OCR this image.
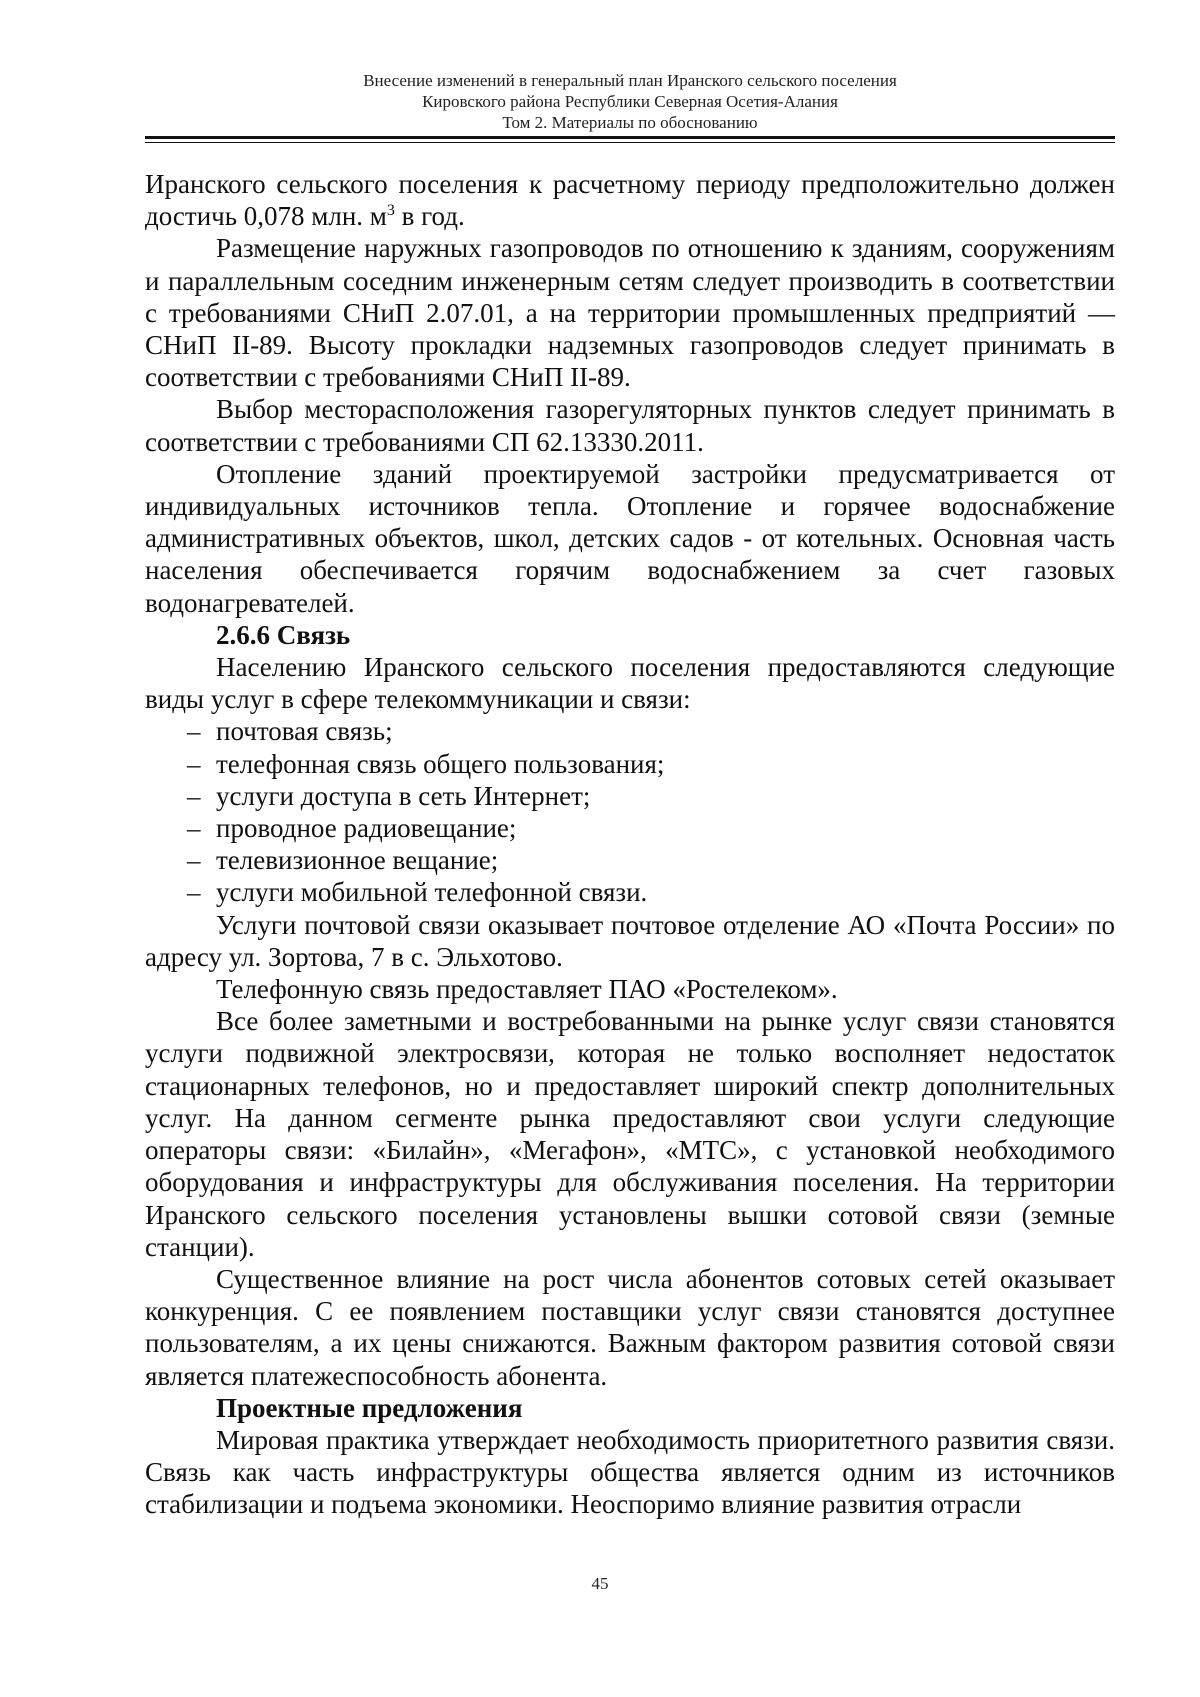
Внесение изменений в генеральный план Иранского сельского поселения
Кировского района Республики Северная Осетия-Алания
Том 2. Материалы по обоснованию

Иранского сельского поселения к расчетному периоду предположительно должен достичь 0,078 млн. $м^3$ в год.

Размещение наружных газопроводов по отношению к зданиям, сооружениям и параллельным соседним инженерным сетям следует производить в соответствии с требованиями СНиП 2.07.01, а на территории промышленных предприятий — СНиП II-89. Высоту прокладки надземных газопроводов следует принимать в соответствии с требованиями СНиП II-89.

Выбор месторасположения газорегуляторных пунктов следует принимать в соответствии с требованиями СП 62.13330.2011.

Отопление зданий проектируемой застройки предусматривается от индивидуальных источников тепла. Отопление и горячее водоснабжение административных объектов, школ, детских садов - от котельных. Основная часть населения обеспечивается горячим водоснабжением за счет газовых водонагревателей.

2.6.6 Связь

Населению Иранского сельского поселения предоставляются следующие виды услуг в сфере телекоммуникации и связи:

– почтовая связь;

– телефонная связь общего пользования;

– услуги доступа в сеть Интернет;

– проводное радиовещание;

– телевизионное вещание;

– услуги мобильной телефонной связи.

Услуги почтовой связи оказывает почтовое отделение АО «Почта России» по адресу ул. Зортова, 7 в с. Эльхотово.

Телефонную связь предоставляет ПАО «Ростелеком».

Все более заметными и востребованными на рынке услуг связи становятся услуги подвижной электросвязи, которая не только восполняет недостаток стационарных телефонов, но и предоставляет широкий спектр дополнительных услуг. На данном сегменте рынка предоставляют свои услуги следующие операторы связи: «Билайн», «Мегафон», «МТС», с установкой необходимого оборудования и инфраструктуры для обслуживания поселения. На территории Иранского сельского поселения установлены вышки сотовой связи (земные станции).

Существенное влияние на рост числа абонентов сотовых сетей оказывает конкуренция. С ее появлением поставщики услуг связи становятся доступнее пользователям, а их цены снижаются. Важным фактором развития сотовой связи является платежеспособность абонента.

Проектные предложения

Мировая практика утверждает необходимость приоритетного развития связи. Связь как часть инфраструктуры общества является одним из источников стабилизации и подъема экономики. Неоспоримо влияние развития отрасли

45
